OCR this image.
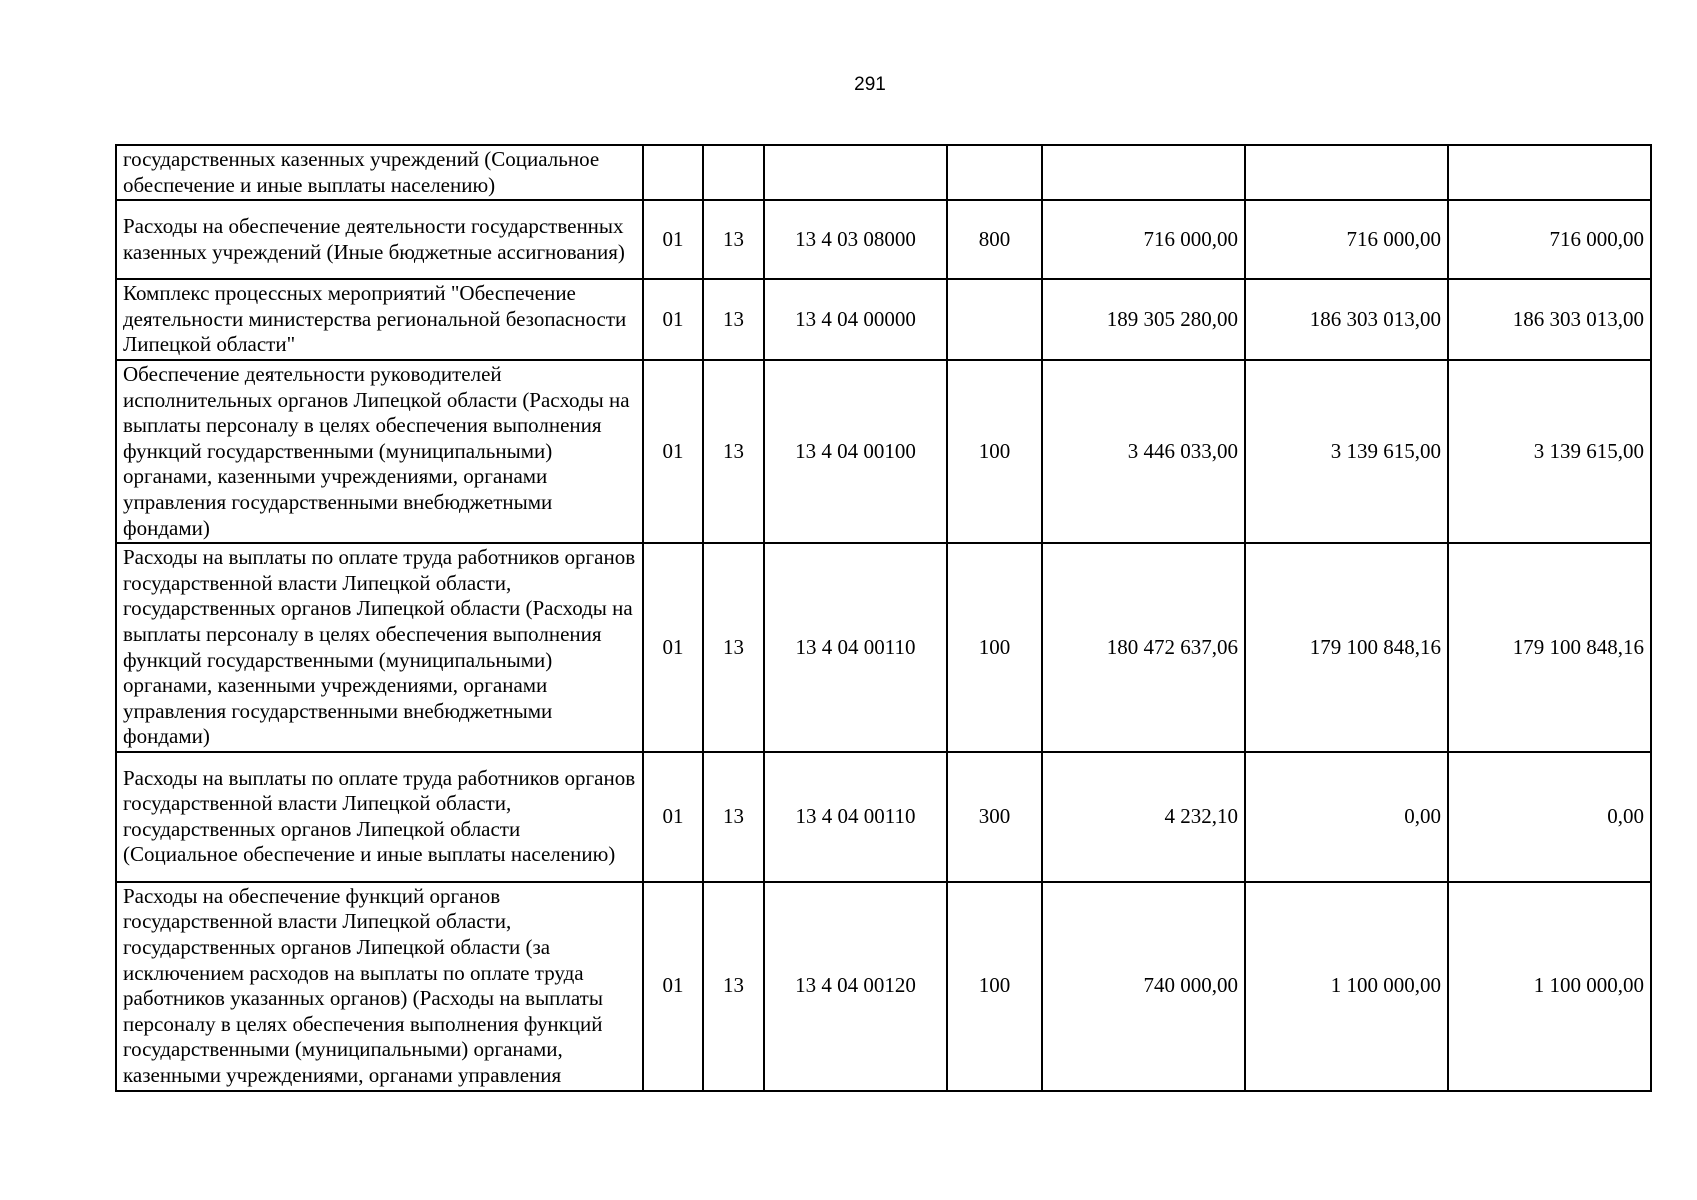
291
государственных казенных учреждений (Социальное обеспечение и иные выплаты населению)							
Расходы на обеспечение деятельности государственных казенных учреждений (Иные бюджетные ассигнования)	01	13	13 4 03 08000	800	716 000,00	716 000,00	716 000,00
Комплекс процессных мероприятий "Обеспечение деятельности министерства региональной безопасности Липецкой области"	01	13	13 4 04 00000		189 305 280,00	186 303 013,00	186 303 013,00
Обеспечение деятельности руководителей исполнительных органов Липецкой области (Расходы на выплаты персоналу в целях обеспечения выполнения функций государственными (муниципальными) органами, казенными учреждениями, органами управления государственными внебюджетными фондами)	01	13	13 4 04 00100	100	3 446 033,00	3 139 615,00	3 139 615,00
Расходы на выплаты по оплате труда работников органов государственной власти Липецкой области, государственных органов Липецкой области (Расходы на выплаты персоналу в целях обеспечения выполнения функций государственными (муниципальными) органами, казенными учреждениями, органами управления государственными внебюджетными фондами)	01	13	13 4 04 00110	100	180 472 637,06	179 100 848,16	179 100 848,16
Расходы на выплаты по оплате труда работников органов государственной власти Липецкой области, государственных органов Липецкой области (Социальное обеспечение и иные выплаты населению)	01	13	13 4 04 00110	300	4 232,10	0,00	0,00
Расходы на обеспечение функций органов государственной власти Липецкой области, государственных органов Липецкой области (за исключением расходов на выплаты по оплате труда работников указанных органов) (Расходы на выплаты персоналу в целях обеспечения выполнения функций государственными (муниципальными) органами, казенными учреждениями, органами управления	01	13	13 4 04 00120	100	740 000,00	1 100 000,00	1 100 000,00
